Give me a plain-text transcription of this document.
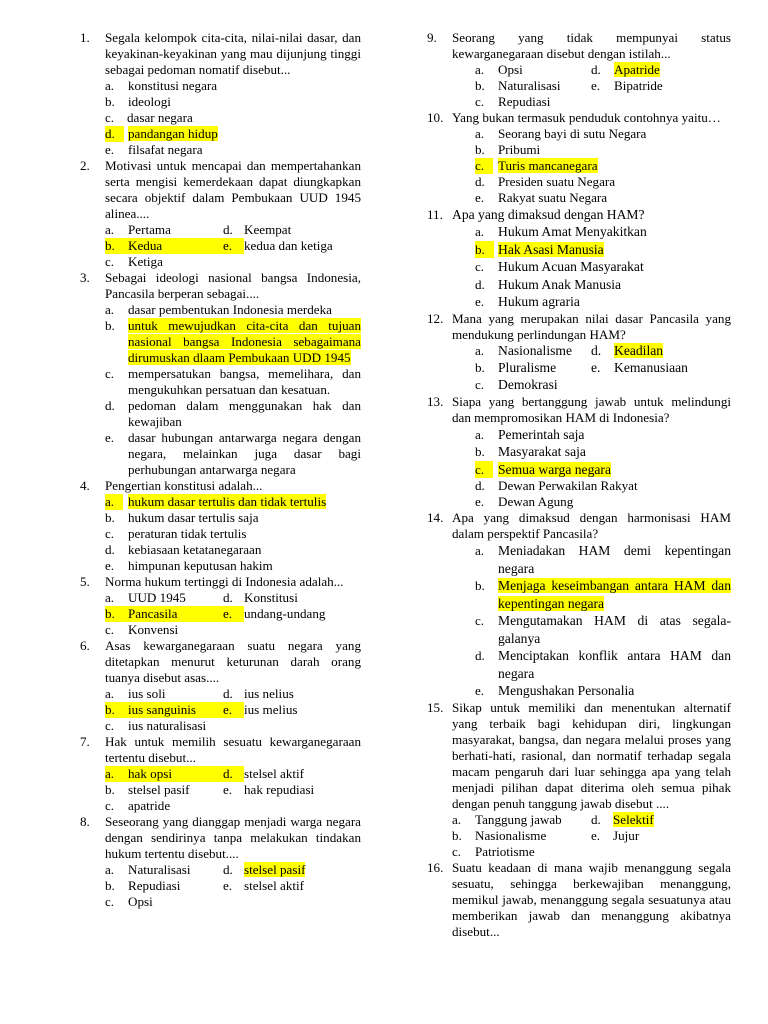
1. Segala kelompok cita-cita, nilai-nilai dasar, dan keyakinan-keyakinan yang mau dijunjung tinggi sebagai pedoman nomatif disebut...
a. konstitusi negara
b. ideologi
c. dasar negara
d.	pandangan hidup
e. filsafat negara
2. Motivasi untuk mencapai dan mempertahankan serta mengisi kemerdekaan dapat diungkapkan secara objektif dalam Pembukaan UUD 1945 alinea....
a. Pertama	d. Keempat
b. Kedua	e. kedua dan ketiga
c. Ketiga
3. Sebagai ideologi nasional bangsa Indonesia, Pancasila berperan sebagai....
a. dasar pembentukan Indonesia merdeka
b. untuk mewujudkan cita-cita dan tujuan nasional bangsa Indonesia sebagaimana dirumuskan dlaam Pembukaan UDD 1945
c. mempersatukan bangsa, memelihara, dan mengukuhkan persatuan dan kesatuan.
d. pedoman dalam menggunakan hak dan kewajiban
e. dasar hubungan antarwarga negara dengan negara, melainkan juga dasar bagi perhubungan antarwarga negara
4. Pengertian konstitusi adalah...
a.	hukum dasar tertulis dan tidak tertulis
b. hukum dasar tertulis saja
c. peraturan tidak tertulis
d. kebiasaan ketatanegaraan
e. himpunan keputusan hakim
5. Norma hukum tertinggi di Indonesia adalah...
a. UUD 1945	d. Konstitusi
b. Pancasila	e. undang-undang
c. Konvensi
6. Asas kewarganegaraan suatu negara yang ditetapkan menurut keturunan darah orang tuanya disebut asas....
a. ius soli	d. ius nelius
b. ius sanguinis	e. ius melius
c. ius naturalisasi
7. Hak untuk memilih sesuatu kewarganegaraan tertentu disebut...
a. hak opsi	d. stelsel aktif
b. stelsel pasif	e. hak repudiasi
c. apatride
8. Seseorang yang dianggap menjadi warga negara dengan sendirinya tanpa melakukan tindakan hukum tertentu disebut....
a. Naturalisasi d. stelsel pasif
b. Repudiasi	e. stelsel aktif
c. Opsi
9. Seorang yang tidak mempunyai status kewarganegaraan disebut dengan istilah...
a. Opsi	d. Apatride
b. Naturalisasi e. Bipatride
c. Repudiasi
10. Yang bukan termasuk penduduk contohnya yaitu…
a. Seorang bayi di sutu Negara
b. Pribumi
c.	Turis mancanegara
d. Presiden suatu Negara
e. Rakyat suatu Negara
11. Apa yang dimaksud dengan HAM?
a. Hukum Amat Menyakitkan
b. Hak Asasi Manusia
c. Hukum Acuan Masyarakat
d. Hukum Anak Manusia
e. Hukum agraria
12. Mana yang merupakan nilai dasar Pancasila yang mendukung perlindungan HAM?
a. Nasionalisme d. Keadilan
b. Pluralisme	e. Kemanusiaan
c. Demokrasi
13. Siapa yang bertanggung jawab untuk melindungi dan mempromosikan HAM di Indonesia?
a. Pemerintah saja
b. Masyarakat saja
c.	Semua warga negara
d. Dewan Perwakilan Rakyat
e. Dewan Agung
14. Apa yang dimaksud dengan harmonisasi HAM dalam perspektif Pancasila?
a. Meniadakan HAM demi kepentingan negara
b. Menjaga keseimbangan antara HAM dan kepentingan negara
c. Mengutamakan HAM di atas segala-galanya
d. Menciptakan konflik antara HAM dan negara
e. Mengushakan Personalia
15. Sikap untuk memiliki dan menentukan alternatif yang terbaik bagi kehidupan diri, lingkungan masyarakat, bangsa, dan negara melalui proses yang berhati-hati, rasional, dan normatif terhadap segala macam pengaruh dari luar sehingga apa yang telah menjadi pilihan dapat diterima oleh semua pihak dengan penuh tanggung jawab disebut ....
a. Tanggung jawab d. Selektif
b. Nasionalisme	e. Jujur
c. Patriotisme
16. Suatu keadaan di mana wajib menanggung segala sesuatu, sehingga berkewajiban menanggung, memikul jawab, menanggung segala sesuatunya atau memberikan jawab dan menanggung akibatnya disebut...
